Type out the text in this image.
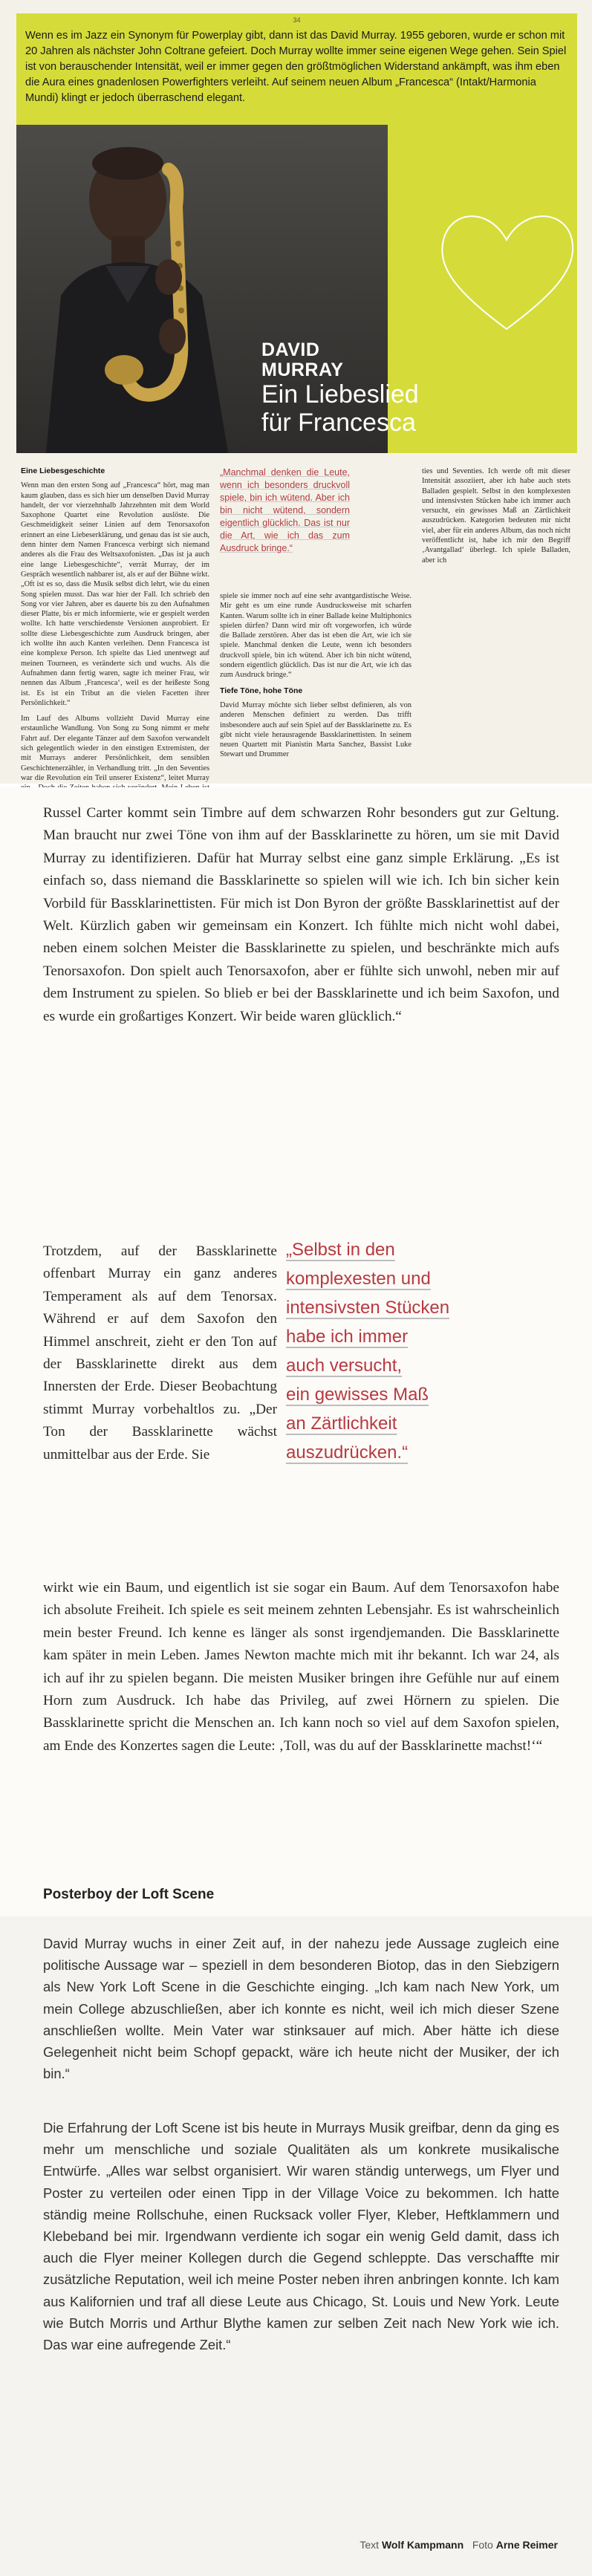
34
Wenn es im Jazz ein Synonym für Powerplay gibt, dann ist das David Murray. 1955 geboren, wurde er schon mit 20 Jahren als nächster John Coltrane gefeiert. Doch Murray wollte immer seine eigenen Wege gehen. Sein Spiel ist von berauschender Intensität, weil er immer gegen den größtmöglichen Widerstand ankämpft, was ihm eben die Aura eines gnadenlosen Powerfighters verleiht. Auf seinem neuen Album „Francesca“ (Intakt/Harmonia Mundi) klingt er jedoch überraschend elegant.
DAVID
MURRAY
Ein Liebeslied
für Francesca
Eine Liebesgeschichte

Wenn man den ersten Song auf „Francesca“ hört, mag man kaum glauben, dass es sich hier um denselben David Murray handelt, der vor vierzehnhalb Jahrzehnten mit dem World Saxophone Quartet eine Revolution auslöste. Die Geschmeidigkeit seiner Linien auf dem Tenorsaxofon erinnert an eine Liebeserklärung, und genau das ist sie auch, denn hinter dem Namen Francesca verbirgt sich niemand anderes als die Frau des Weltsaxofonisten. „Das ist ja auch eine lange Liebesgeschichte“, verrät Murray, der im Gespräch wesentlich nahbarer ist, als er auf der Bühne wirkt. „Oft ist es so, dass die Musik selbst dich lehrt, wie du einen Song spielen musst. Das war hier der Fall. Ich schrieb den Song vor vier Jahren, aber es dauerte bis zu den Aufnahmen dieser Platte, bis er mich informierte, wie er gespielt werden wollte. Ich hatte verschiedenste Versionen ausprobiert. Er sollte diese Liebesgeschichte zum Ausdruck bringen, aber ich wollte ihn auch Kanten verleihen. Denn Francesca ist eine komplexe Person. Ich spielte das Lied unentwegt auf meinen Tourneen, es veränderte sich und wuchs. Als die Aufnahmen dann fertig waren, sagte ich meiner Frau, wir nennen das Album ‚Francesca‘, weil es der heißeste Song ist. Es ist ein Tribut an die vielen Facetten ihrer Persönlichkeit.“

Im Lauf des Albums vollzieht David Murray eine erstaunliche Wandlung. Von Song zu Song nimmt er mehr Fahrt auf. Der elegante Tänzer auf dem Saxofon verwandelt sich gelegentlich wieder in den einstigen Extremisten, der mit Murrays anderer Persönlichkeit, dem sensiblen Geschichtenerzähler, in Verhandlung tritt. „In den Seventies war die Revolution ein Teil unserer Existenz“, leitet Murray

„Manchmal denken die Leute, wenn ich besonders druckvoll spiele, bin ich wütend. Aber ich bin nicht wütend, sondern eigentlich glücklich. Das ist nur die Art, wie ich das zum Ausdruck bringe.“

spiele sie immer noch auf eine sehr avantgardistische Weise. Mir geht es um eine runde Ausdrucksweise mit scharfen Kanten. Warum sollte ich in einer Ballade keine Multiphonics spielen dürfen? Dann wird mir oft vorgeworfen, ich würde die Ballade zerstören. Aber das ist eben die Art, wie ich sie spiele. Manchmal denken die Leute, wenn ich besonders druckvoll spiele, bin ich wütend. Aber ich bin nicht wütend, sondern eigentlich glücklich. Das ist nur die Art, wie ich das zum Ausdruck bringe.“

Tiefe Töne, hohe Töne

David Murray möchte sich lieber selbst definieren, als von anderen Menschen definiert zu werden. Das trifft insbesondere auch auf sein Spiel auf der Bassklarinette zu. Es gibt nicht viele herausragende Bassklarinettisten. In seinem neuen Quartett mit Pianistin Marta Sanchez, Bassist Luke Stewart und Drummer

ties und Seventies. Ich werde oft mit dieser Intensität assoziiert, aber ich habe auch stets Balladen gespielt. Selbst in den komplexesten und intensivsten Stücken habe ich immer auch versucht, ein gewisses Maß an Zärtlichkeit auszudrücken. Kategorien bedeuten mir nicht viel, aber für ein anderes Album, das noch nicht veröffentlicht ist, habe ich mir den Begriff ‚Avantgallad‘ überlegt. Ich spiele Balladen, aber ich

Russel Carter kommt sein Timbre auf dem schwarzen Rohr besonders gut zur Geltung. Man braucht nur zwei Töne von ihm auf der Bassklarinette zu hören, um sie mit David Murray zu identifizieren. Dafür hat Murray selbst eine ganz simple Erklärung. „Es ist einfach so, dass niemand die Bassklarinette so spielen will wie ich. Ich bin sicher kein Vorbild für Bassklarinettisten. Für mich ist Don Byron der größte Bassklarinettist auf der Welt. Kürzlich gaben wir gemeinsam ein Konzert. Ich fühlte mich nicht wohl dabei, neben einem solchen Meister die Bassklarinette zu spielen, und beschränkte mich aufs Tenorsaxofon. Don spielt auch Tenorsaxofon, aber er fühlte sich unwohl, neben mir auf dem Instrument zu spielen. So blieb er bei der Bassklarinette und ich beim Saxofon, und es wurde ein großartiges Konzert. Wir beide waren glücklich.“

Trotzdem, auf der Bassklarinette offenbart Murray ein ganz anderes Temperament als auf dem Tenorsax. Während er auf dem Saxofon den Himmel anschreit, zieht er den Ton auf der Bassklarinette direkt aus dem Innersten der Erde. Dieser Beobachtung stimmt Murray vorbehaltlos zu. „Der Ton der Bassklarinette wächst unmittelbar aus der Erde. Sie

„Selbst in den
komplexesten und
intensivsten Stücken
habe ich immer
auch versucht,
ein gewisses Maß
an Zärtlichkeit
auszudrücken.“

wirkt wie ein Baum, und eigentlich ist sie sogar ein Baum. Auf dem Tenorsaxofon habe ich absolute Freiheit. Ich spiele es seit meinem zehnten Lebensjahr. Es ist wahrscheinlich mein bester Freund. Ich kenne es länger als sonst irgendjemanden. Die Bassklarinette kam später in mein Leben. James Newton machte mich mit ihr bekannt. Ich war 24, als ich auf ihr zu spielen begann. Die meisten Musiker bringen ihre Gefühle nur auf einem Horn zum Ausdruck. Ich habe das Privileg, auf zwei Hörnern zu spielen. Die Bassklarinette spricht die Menschen an. Ich kann noch so viel auf dem Saxofon spielen, am Ende des Konzertes sagen die Leute: ‚Toll, was du auf der Bassklarinette machst!‘“

Posterboy der Loft Scene

David Murray wuchs in einer Zeit auf, in der nahezu jede Aussage zugleich eine politische Aussage war – speziell in dem besonderen Biotop, das in den Siebzigern als New York Loft Scene in die Geschichte einging. „Ich kam nach New York, um mein College abzuschließen, aber ich konnte es nicht, weil ich mich dieser Szene anschließen wollte. Mein Vater war stinksauer auf mich. Aber hätte ich diese Gelegenheit nicht beim Schopf gepackt, wäre ich heute nicht der Musiker, der ich bin.“

Die Erfahrung der Loft Scene ist bis heute in Murrays Musik greifbar, denn da ging es mehr um menschliche und soziale Qualitäten als um konkrete musikalische Entwürfe. „Alles war selbst organisiert. Wir waren ständig unterwegs, um Flyer und Poster zu verteilen oder einen Tipp in der Village Voice zu bekommen. Ich hatte ständig meine Rollschuhe, einen Rucksack voller Flyer, Kleber, Heftklammern und Klebeband bei mir. Irgendwann verdiente ich sogar ein wenig Geld damit, dass ich auch die Flyer meiner Kollegen durch die Gegend schleppte. Das verschaffte mir zusätzliche Reputation, weil ich meine Poster neben ihren anbringen konnte. Ich kam aus Kalifornien und traf all diese Leute aus Chicago, St. Louis und New York. Leute wie Butch Morris und Arthur Blythe kamen zur selben Zeit nach New York wie ich. Das war eine aufregende Zeit.“

Text Wolf Kampmann Foto Arne Reimer
